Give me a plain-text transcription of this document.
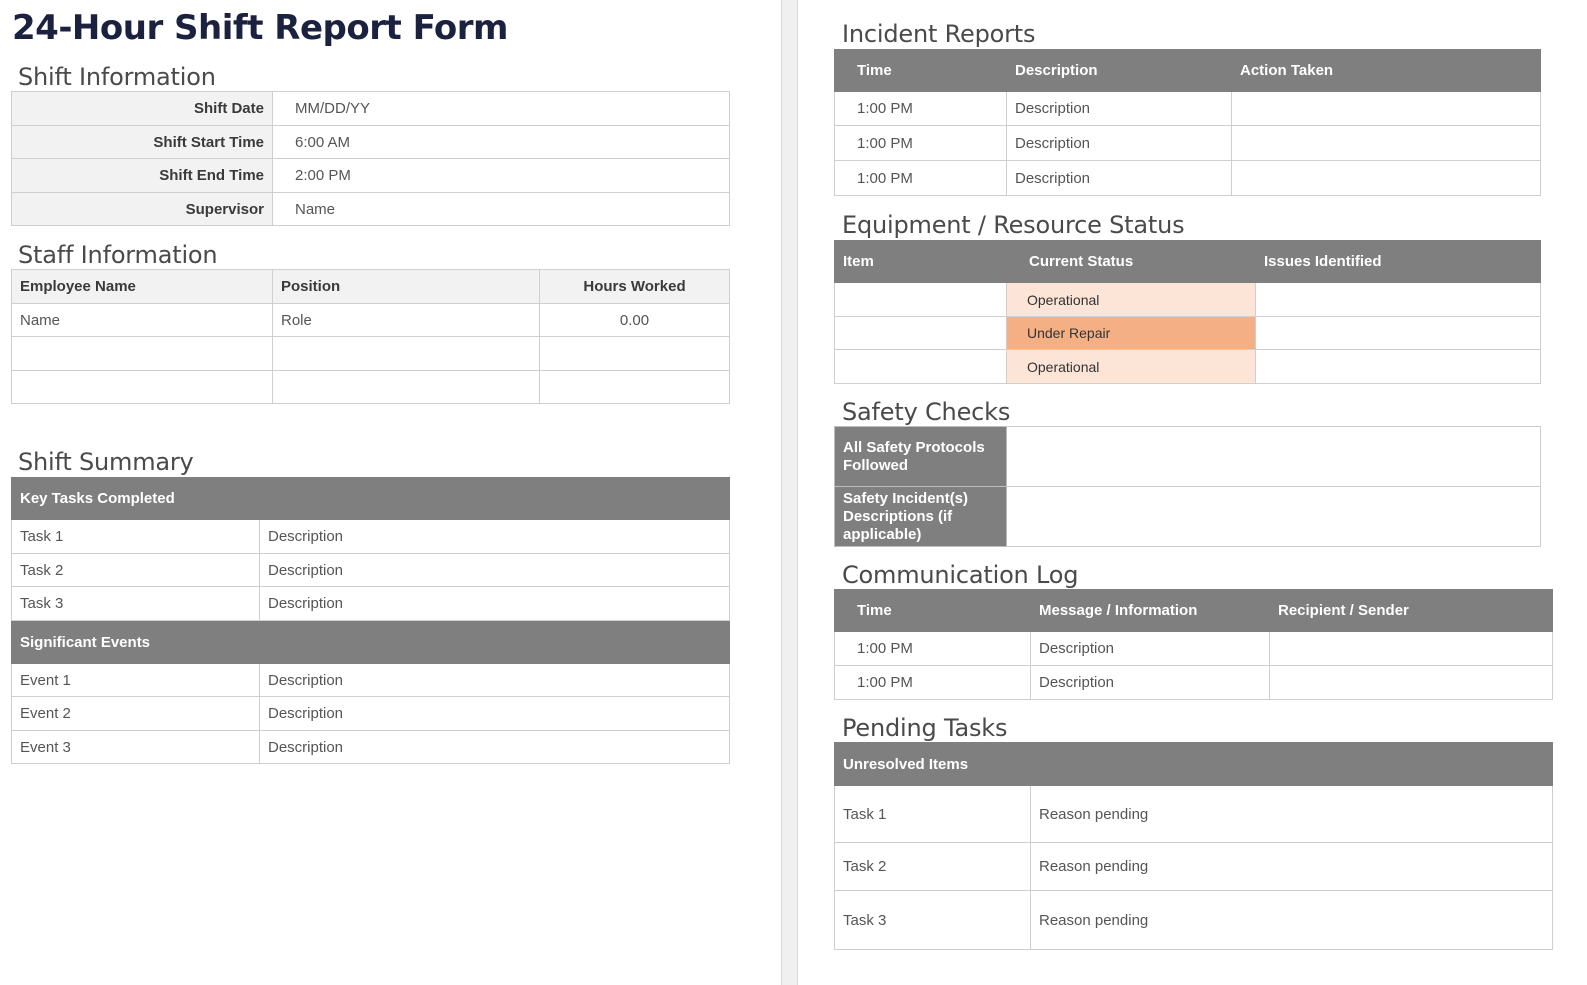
24-Hour Shift Report Form
Shift Information
Shift Date	MM/DD/YY
Shift Start Time	6:00 AM
Shift End Time	2:00 PM
Supervisor	Name
Staff Information
Employee Name	Position	Hours Worked
Name	Role	0.00

Shift Summary
Key Tasks Completed	
Task 1	Description
Task 2	Description
Task 3	Description
Significant Events	
Event 1	Description
Event 2	Description
Event 3	Description
Incident Reports
Time	Description	Action Taken
1:00 PM	Description	
1:00 PM	Description	
1:00 PM	Description	
Equipment / Resource Status
Item	Current Status	Issues Identified
	Operational	
	Under Repair	
	Operational	
Safety Checks
All Safety Protocols Followed	
Safety Incident(s) Descriptions (if applicable)	
Communication Log
Time	Message / Information	Recipient / Sender
1:00 PM	Description	
1:00 PM	Description	
Pending Tasks
Unresolved Items	
Task 1	Reason pending
Task 2	Reason pending
Task 3	Reason pending
